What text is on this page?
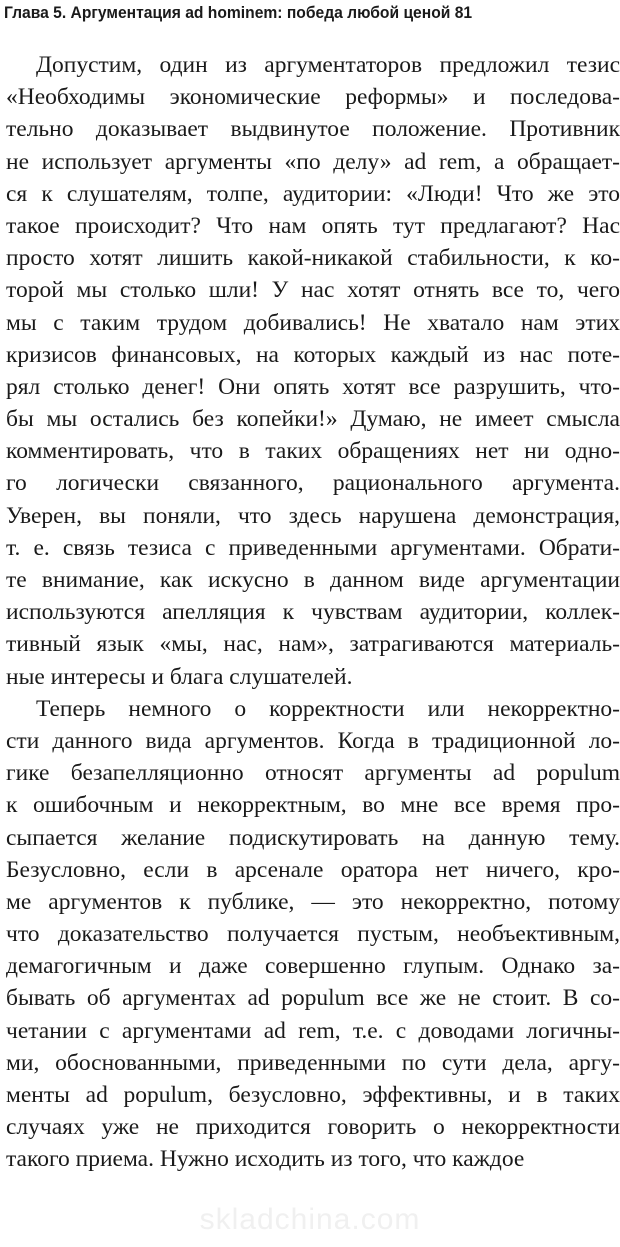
Глава 5. Аргументация ad hominem: победа любой ценой 81
Допустим, один из аргументаторов предложил тезис
«Необходимы экономические реформы» и последова-
тельно доказывает выдвинутое положение. Противник
не использует аргументы «по делу» ad rem, а обращает-
ся к слушателям, толпе, аудитории: «Люди! Что же это
такое происходит? Что нам опять тут предлагают? Нас
просто хотят лишить какой-никакой стабильности, к ко-
торой мы столько шли! У нас хотят отнять все то, чего
мы с таким трудом добивались! Не хватало нам этих
кризисов финансовых, на которых каждый из нас поте-
рял столько денег! Они опять хотят все разрушить, что-
бы мы остались без копейки!» Думаю, не имеет смысла
комментировать, что в таких обращениях нет ни одно-
го логически связанного, рационального аргумента.
Уверен, вы поняли, что здесь нарушена демонстрация,
т. е. связь тезиса с приведенными аргументами. Обрати-
те внимание, как искусно в данном виде аргументации
используются апелляция к чувствам аудитории, коллек-
тивный язык «мы, нас, нам», затрагиваются материаль-
ные интересы и блага слушателей.
Теперь немного о корректности или некорректно-
сти данного вида аргументов. Когда в традиционной ло-
гике безапелляционно относят аргументы ad populum
к ошибочным и некорректным, во мне все время про-
сыпается желание подискутировать на данную тему.
Безусловно, если в арсенале оратора нет ничего, кро-
ме аргументов к публике, — это некорректно, потому
что доказательство получается пустым, необъективным,
демагогичным и даже совершенно глупым. Однако за-
бывать об аргументах ad populum все же не стоит. В со-
четании с аргументами ad rem, т.е. с доводами логичны-
ми, обоснованными, приведенными по сути дела, аргу-
менты ad populum, безусловно, эффективны, и в таких
случаях уже не приходится говорить о некорректности
такого приема. Нужно исходить из того, что каждое
skladchina.com
